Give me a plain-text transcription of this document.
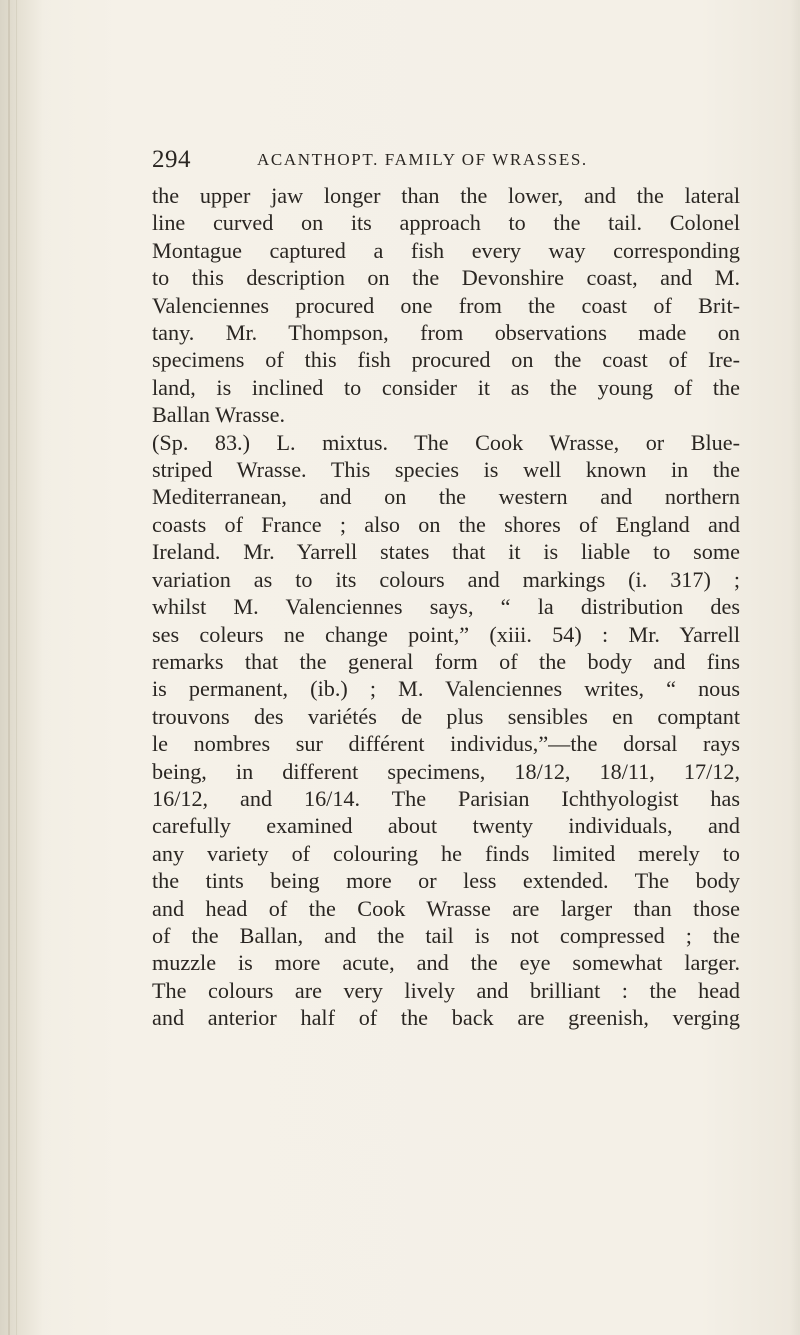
294	ACANTHOPT. FAMILY OF WRASSES.
the upper jaw longer than the lower, and the lateral
line curved on its approach to the tail. Colonel
Montague captured a fish every way corresponding
to this description on the Devonshire coast, and M.
Valenciennes procured one from the coast of Brit-
tany. Mr. Thompson, from observations made on
specimens of this fish procured on the coast of Ire-
land, is inclined to consider it as the young of the
Ballan Wrasse.
(Sp. 83.) L. mixtus. The Cook Wrasse, or Blue-
striped Wrasse. This species is well known in the
Mediterranean, and on the western and northern
coasts of France ; also on the shores of England and
Ireland. Mr. Yarrell states that it is liable to some
variation as to its colours and markings (i. 317) ;
whilst M. Valenciennes says, “ la distribution des
ses coleurs ne change point,” (xiii. 54) : Mr. Yarrell
remarks that the general form of the body and fins
is permanent, (ib.) ; M. Valenciennes writes, “ nous
trouvons des variétés de plus sensibles en comptant
le nombres sur différent individus,”—the dorsal rays
being, in different specimens, 18/12, 18/11, 17/12,
16/12, and 16/14. The Parisian Ichthyologist has
carefully examined about twenty individuals, and
any variety of colouring he finds limited merely to
the tints being more or less extended. The body
and head of the Cook Wrasse are larger than those
of the Ballan, and the tail is not compressed ; the
muzzle is more acute, and the eye somewhat larger.
The colours are very lively and brilliant : the head
and anterior half of the back are greenish, verging
